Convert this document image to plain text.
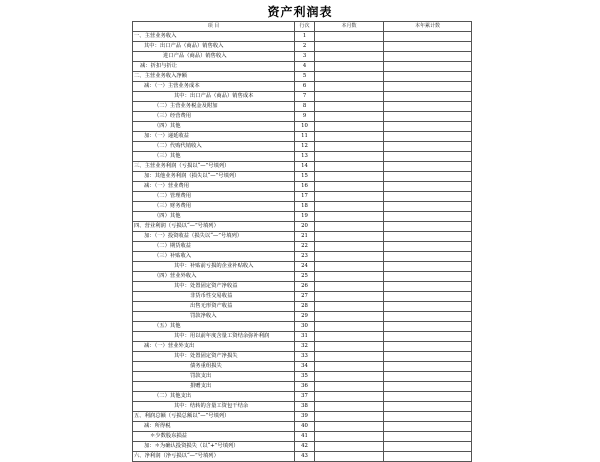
资产利润表
项 目	行次	本月数	本年累计数
一、主营业务收入	1		
其中：出口产品（商品）销售收入	2		
进口产品（商品）销售收入	3		
减：折扣与折让	4		
二、主营业务收入净额	5		
减：（一）主营业务成本	6		
其中：出口产品（商品）销售成本	7		
（二）主营业务税金及附加	8		
（三）经营费用	9		
（四）其他	10		
加：（一）递延收益	11		
（二）代购代销收入	12		
（三）其他	13		
三、主营业务利润（亏损以“—”号填列）	14		
加：其他业务利润（损失以“—”号填列）	15		
减：（一）营业费用	16		
（二）管理费用	17		
（三）财务费用	18		
（四）其他	19		
四、营业利润（亏损以“—”号填列）	20		
加：（一）投资收益（损失以“—”号填列）	21		
（二）期货收益	22		
（三）补贴收入	23		
其中：补贴前亏损的企业补贴收入	24		
（四）营业外收入	25		
其中：处置固定资产净收益	26		
非货币性交易收益	27		
出售无形资产收益	28		
罚款净收入	29		
（五）其他	30		
其中：用以前年度含量工资结余弥补利润	31		
减：（一）营业外支出	32		
其中：处置固定资产净损失	33		
债务重组损失	34		
罚款支出	35		
捐赠支出	36		
（二）其他支出	37		
其中：结转的含量工资包干结余	38		
五、利润总额（亏损总额以“—”号填列）	39		
减：所得税	40		
＊少数股东损益	41		
加：＊为确认投资损失（以“+”号填列）	42		
六、净利润（净亏损以“—”号填列）	43		
